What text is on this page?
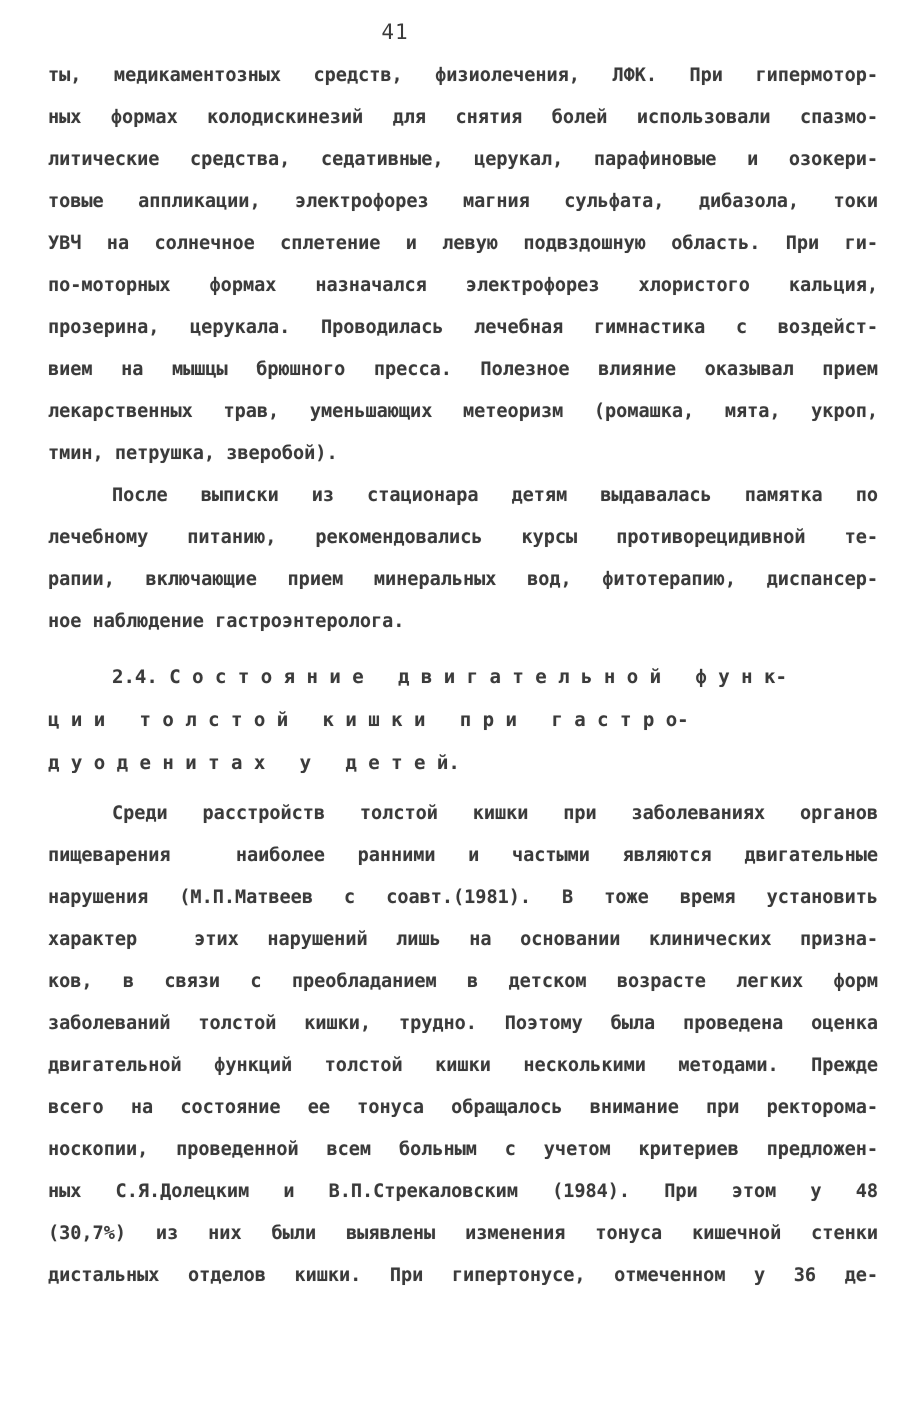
41
ты, медикаментозных средств, физиолечения, ЛФК. При гипермотор-
ных формах колодискинезий для снятия болей использовали спазмо-
литические средства, седативные, церукал, парафиновые и озокери-
товые аппликации, электрофорез магния сульфата, дибазола, токи
УВЧ на солнечное сплетение и левую подвздошную область. При ги-
по-моторных формах назначался электрофорез хлористого кальция,
прозерина, церукала. Проводилась лечебная гимнастика с воздейст-
вием на мышцы брюшного пресса. Полезное влияние оказывал прием
лекарственных трав, уменьшающих метеоризм (ромашка, мята, укроп,
тмин, петрушка, зверобой).
После выписки из стационара детям выдавалась памятка по
лечебному питанию, рекомендовались курсы противорецидивной те-
рапии, включающие прием минеральных вод, фитотерапию, диспансер-
ное наблюдение гастроэнтеролога.
2.4. С о с т о я н и е   д в и г а т е л ь н о й   ф у н к-
ц и и   т о л с т о й   к и ш к и   п р и   г а с т р о-
д у о д е н и т а х   у   д е т е й.
Среди расстройств толстой кишки при заболеваниях органов
пищеварения  наиболее ранними и частыми являются двигательные
нарушения (М.П.Матвеев с соавт.(1981). В тоже время установить
характер  этих нарушений лишь на основании клинических призна-
ков, в связи с преобладанием в детском возрасте легких форм
заболеваний толстой кишки, трудно. Поэтому была проведена оценка
двигательной функций толстой кишки несколькими методами. Прежде
всего на состояние ее тонуса обращалось внимание при ректорома-
носкопии, проведенной всем больным с учетом критериев предложен-
ных С.Я.Долецким и В.П.Стрекаловским (1984). При этом у 48
(30,7%) из них были выявлены изменения тонуса кишечной стенки
дистальных отделов кишки. При гипертонусе, отмеченном у 36 де-
